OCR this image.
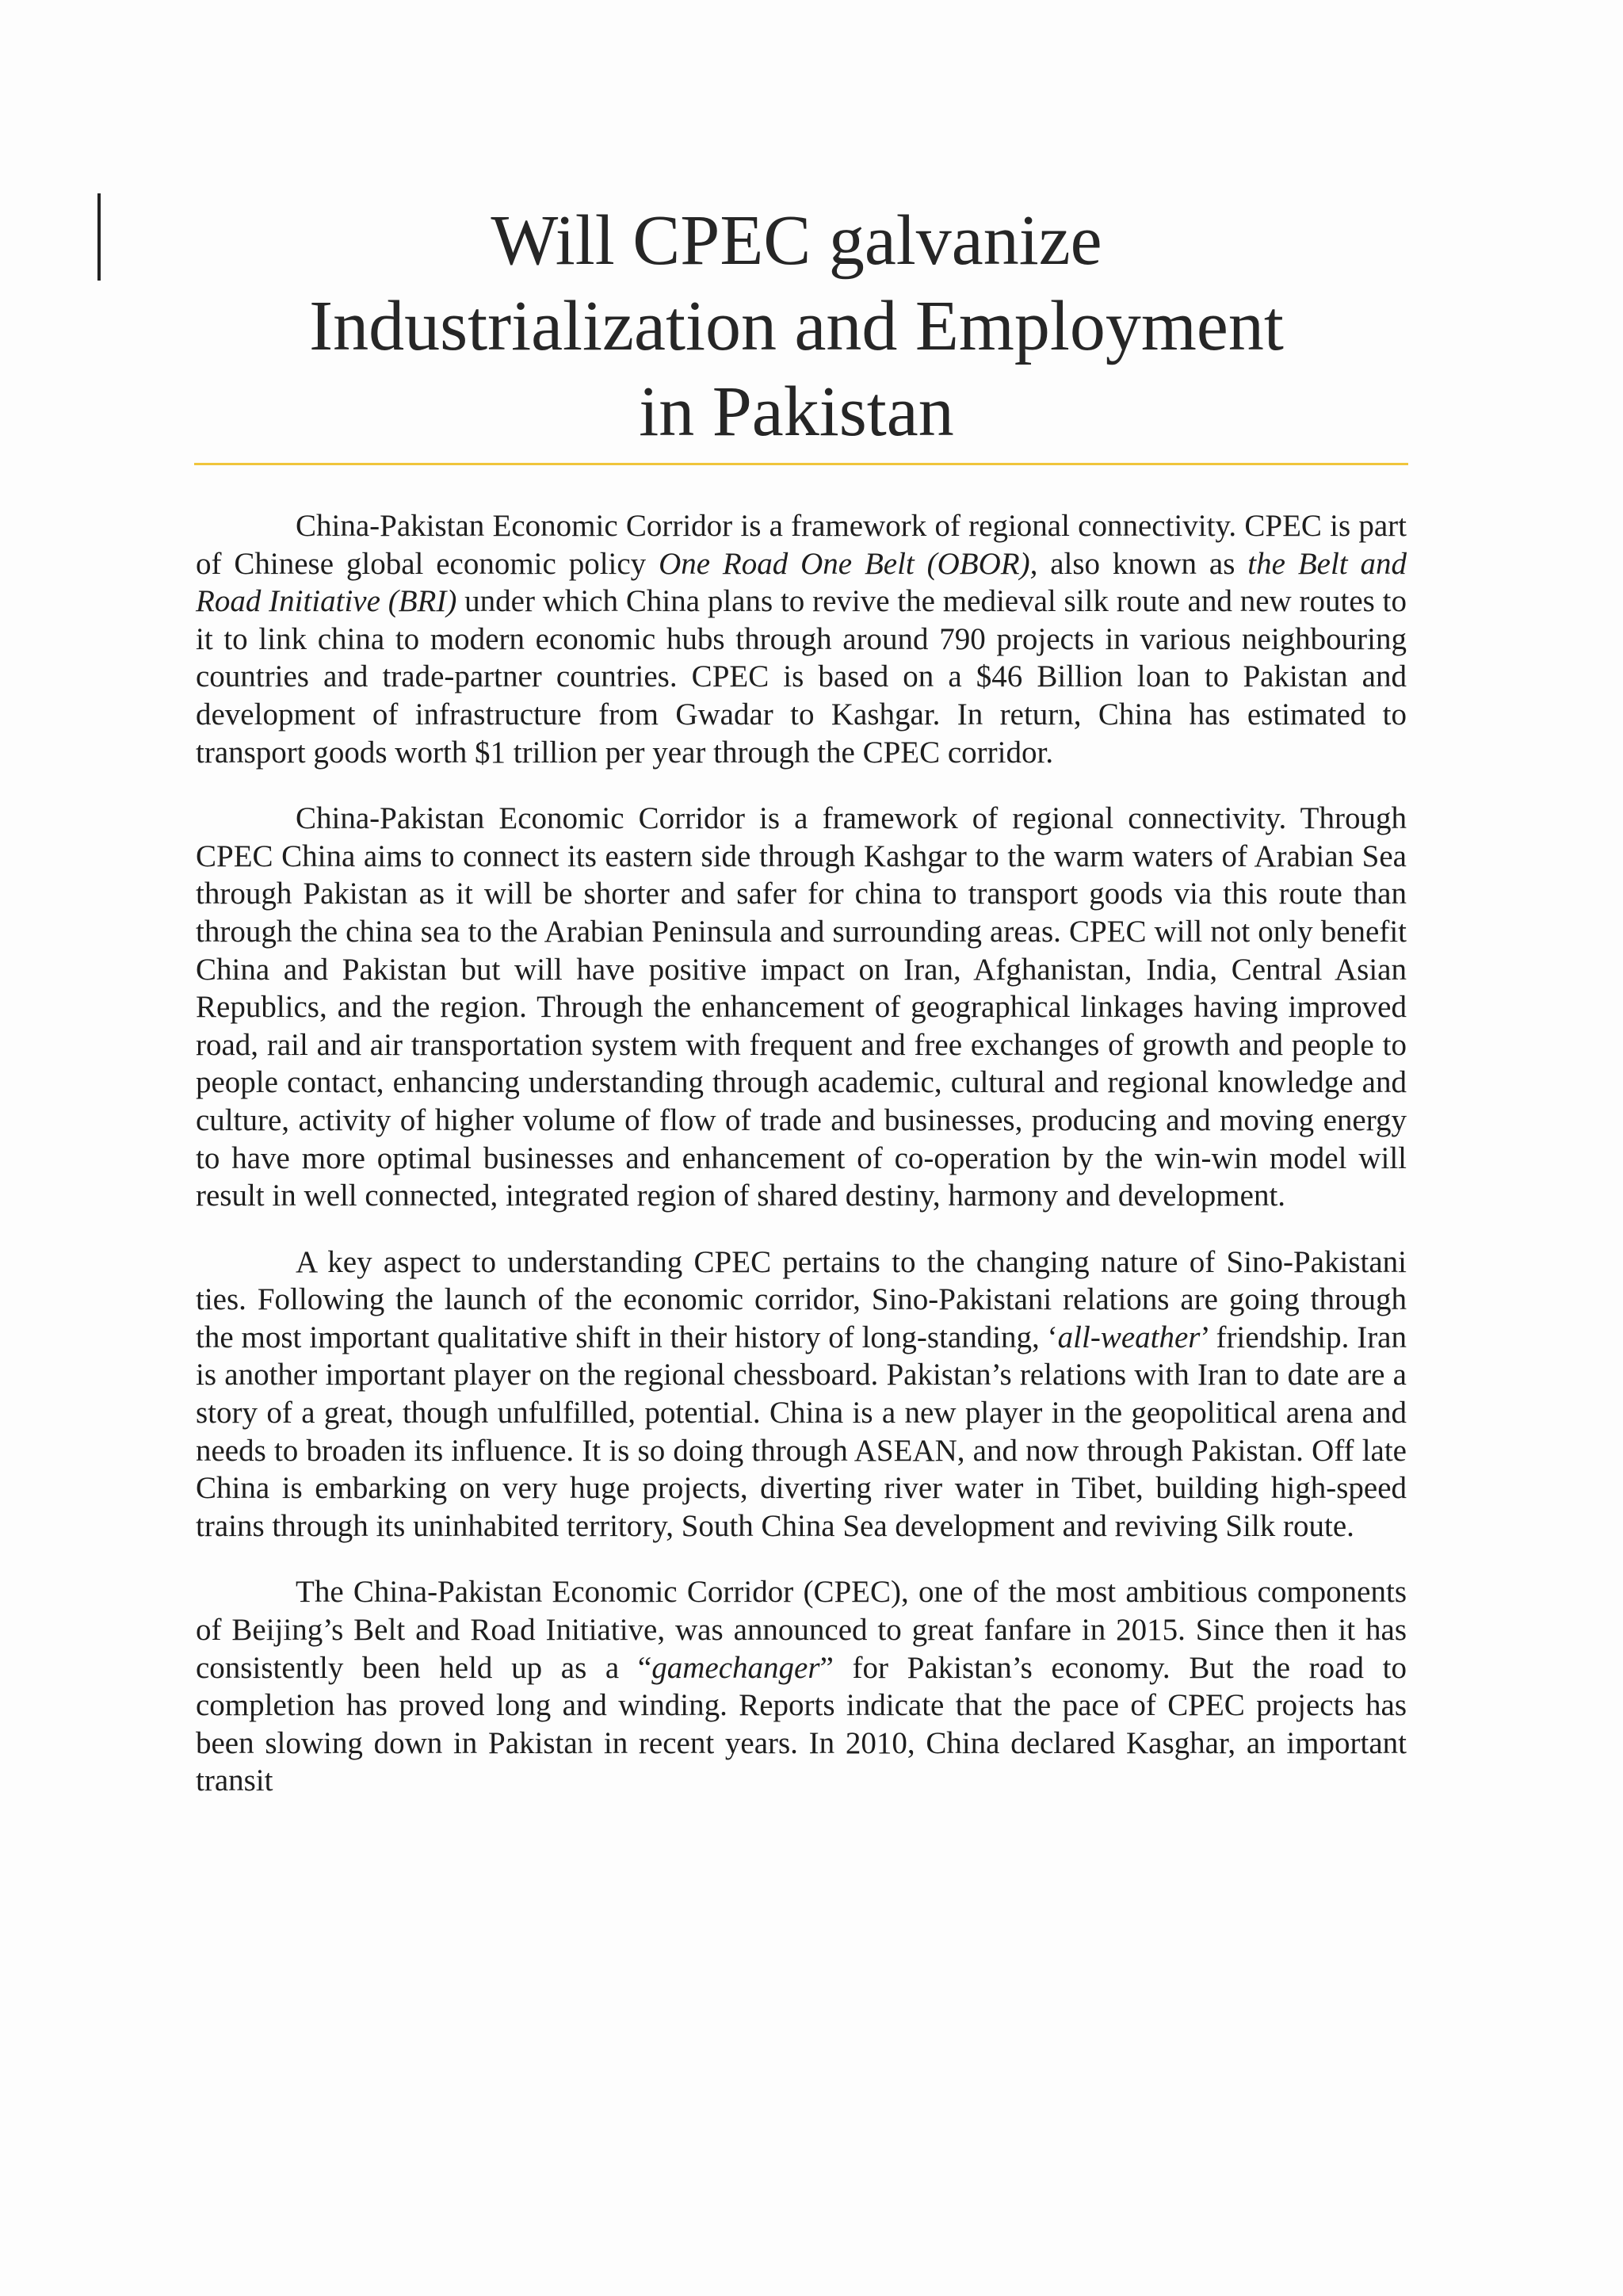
Will CPEC galvanize
Industrialization and Employment
in Pakistan

China-Pakistan Economic Corridor is a framework of regional connectivity. CPEC is part of Chinese global economic policy One Road One Belt (OBOR), also known as the Belt and Road Initiative (BRI) under which China plans to revive the medieval silk route and new routes to it to link china to modern economic hubs through around 790 projects in various neighbouring countries and trade-partner countries. CPEC is based on a $46 Billion loan to Pakistan and development of infrastructure from Gwadar to Kashgar. In return, China has estimated to transport goods worth $1 trillion per year through the CPEC corridor.

China-Pakistan Economic Corridor is a framework of regional connectivity. Through CPEC China aims to connect its eastern side through Kashgar to the warm waters of Arabian Sea through Pakistan as it will be shorter and safer for china to transport goods via this route than through the china sea to the Arabian Peninsula and surrounding areas. CPEC will not only benefit China and Pakistan but will have positive impact on Iran, Afghanistan, India, Central Asian Republics, and the region. Through the enhancement of geographical linkages having improved road, rail and air transportation system with frequent and free exchanges of growth and people to people contact, enhancing understanding through academic, cultural and regional knowledge and culture, activity of higher volume of flow of trade and businesses, producing and moving energy to have more optimal businesses and enhancement of co-operation by the win-win model will result in well connected, integrated region of shared destiny, harmony and development.

A key aspect to understanding CPEC pertains to the changing nature of Sino-Pakistani ties. Following the launch of the economic corridor, Sino-Pakistani relations are going through the most important qualitative shift in their history of long-standing, ‘all-weather’ friendship. Iran is another important player on the regional chessboard. Pakistan’s relations with Iran to date are a story of a great, though unfulfilled, potential. China is a new player in the geopolitical arena and needs to broaden its influence. It is so doing through ASEAN, and now through Pakistan. Off late China is embarking on very huge projects, diverting river water in Tibet, building high-speed trains through its uninhabited territory, South China Sea development and reviving Silk route.

The China-Pakistan Economic Corridor (CPEC), one of the most ambitious components of Beijing’s Belt and Road Initiative, was announced to great fanfare in 2015. Since then it has consistently been held up as a “gamechanger” for Pakistan’s economy. But the road to completion has proved long and winding. Reports indicate that the pace of CPEC projects has been slowing down in Pakistan in recent years. In 2010, China declared Kasghar, an important transit
